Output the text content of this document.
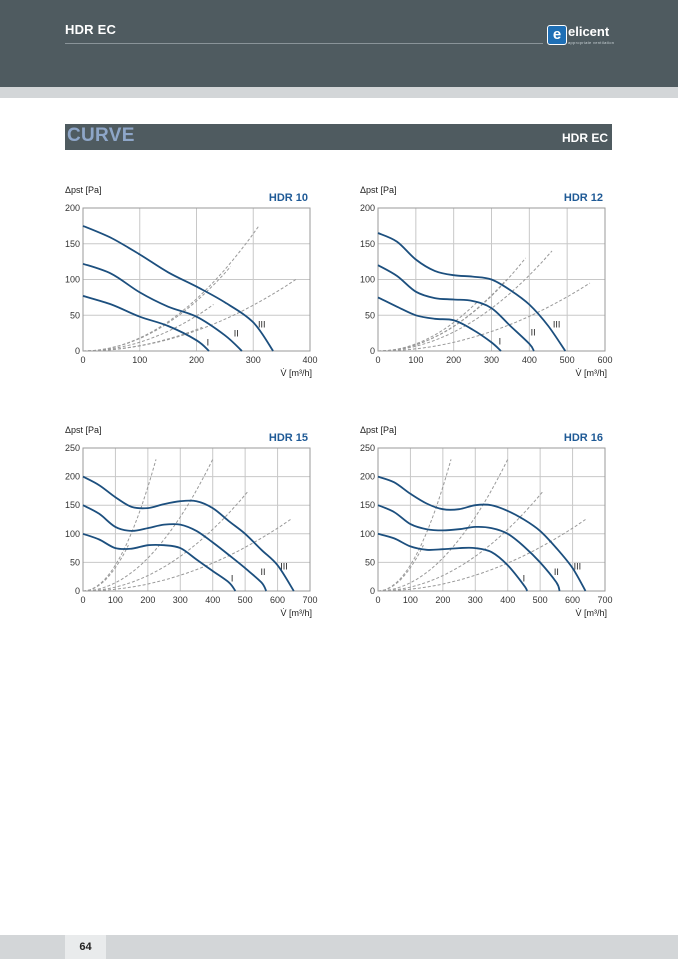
HDR EC	e elicent
appropriate ventilation
CURVE	HDR EC
0	100	200	300	400
0
50
100
150
200
I
II
III
Δpst [Pa]
HDR 10
V̇ [m³/h]
0	100	200	300	400	500	600
0
50
100
150
200
I
II
III
Δpst [Pa]
HDR 12
V̇ [m³/h]
0 100 200 300 400 500 600 700
0
50
100
150
200
250
I
II
III
Δpst [Pa]
HDR 15
V̇ [m³/h]
0 100 200 300 400 500 600 700
0
50
100
150
200
250
I
II
III
Δpst [Pa]
HDR 16
V̇ [m³/h]
64
